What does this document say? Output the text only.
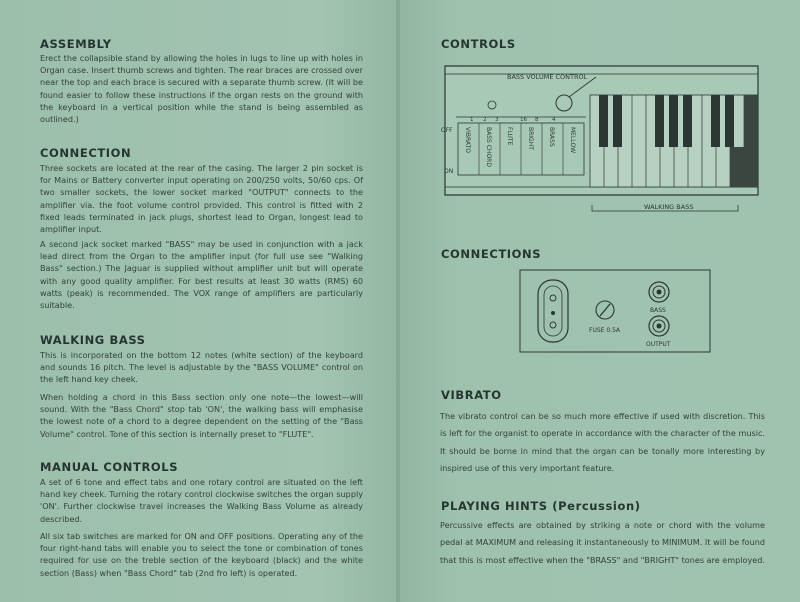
ASSEMBLY

Erect the collapsible stand by allowing the holes in lugs to line up with holes in Organ case. Insert thumb screws and tighten. The rear braces are crossed over near the top and each brace is secured with a separate thumb screw. (It will be found easier to follow these instructions if the organ rests on the ground with the keyboard in a vertical position while the stand is being assembled as outlined.)

CONNECTION

Three sockets are located at the rear of the casing. The larger 2 pin socket is for Mains or Battery converter input operating on 200/250 volts, 50/60 cps. Of two smaller sockets, the lower socket marked "OUTPUT" connects to the amplifier via. the foot volume control provided. This control is fitted with 2 fixed leads terminated in jack plugs, shortest lead to Organ, longest lead to amplifier input.

A second jack socket marked "BASS" may be used in conjunction with a jack lead direct from the Organ to the amplifier input (for full use see "Walking Bass" section.) The Jaguar is supplied without amplifier unit but will operate with any good quality amplifier. For best results at least 30 watts (RMS) 60 watts (peak) is recommended. The VOX range of amplifiers are particularly suitable.

WALKING BASS

This is incorporated on the bottom 12 notes (white section) of the keyboard and sounds 16 pitch. The level is adjustable by the "BASS VOLUME" control on the left hand key cheek.

When holding a chord in this Bass section only one note—the lowest—will sound. With the "Bass Chord" stop tab 'ON', the walking bass will emphasise the lowest note of a chord to a degree dependent on the setting of the "Bass Volume" control. Tone of this section is internally preset to "FLUTE".

MANUAL CONTROLS

A set of 6 tone and effect tabs and one rotary control are situated on the left hand key cheek. Turning the rotary control clockwise switches the organ supply 'ON'. Further clockwise travel increases the Walking Bass Volume as already described.

All six tab switches are marked for ON and OFF positions. Operating any of the four right-hand tabs will enable you to select the tone or combination of tones required for use on the treble section of the keyboard (black) and the white section (Bass) when "Bass Chord" tab (2nd fro left) is operated.

CONTROLS
BASS VOLUME CONTROL
1 2 3	16 8 4
OFF
ON
VIBRATO BASS CHORD FLUTE BRIGHT BRASS MELLOW
WALKING BASS
CONNECTIONS
FUSE 0.5A
BASS
OUTPUT
VIBRATO

The vibrato control can be so much more effective if used with discretion. This is left for the organist to operate in accordance with the character of the music. It should be borne in mind that the organ can be tonally more interesting by inspired use of this very important feature.

PLAYING HINTS (Percussion)

Percussive effects are obtained by striking a note or chord with the volume pedal at MAXIMUM and releasing it instantaneously to MINIMUM. It will be found that this is most effective when the "BRASS" and "BRIGHT" tones are employed.
